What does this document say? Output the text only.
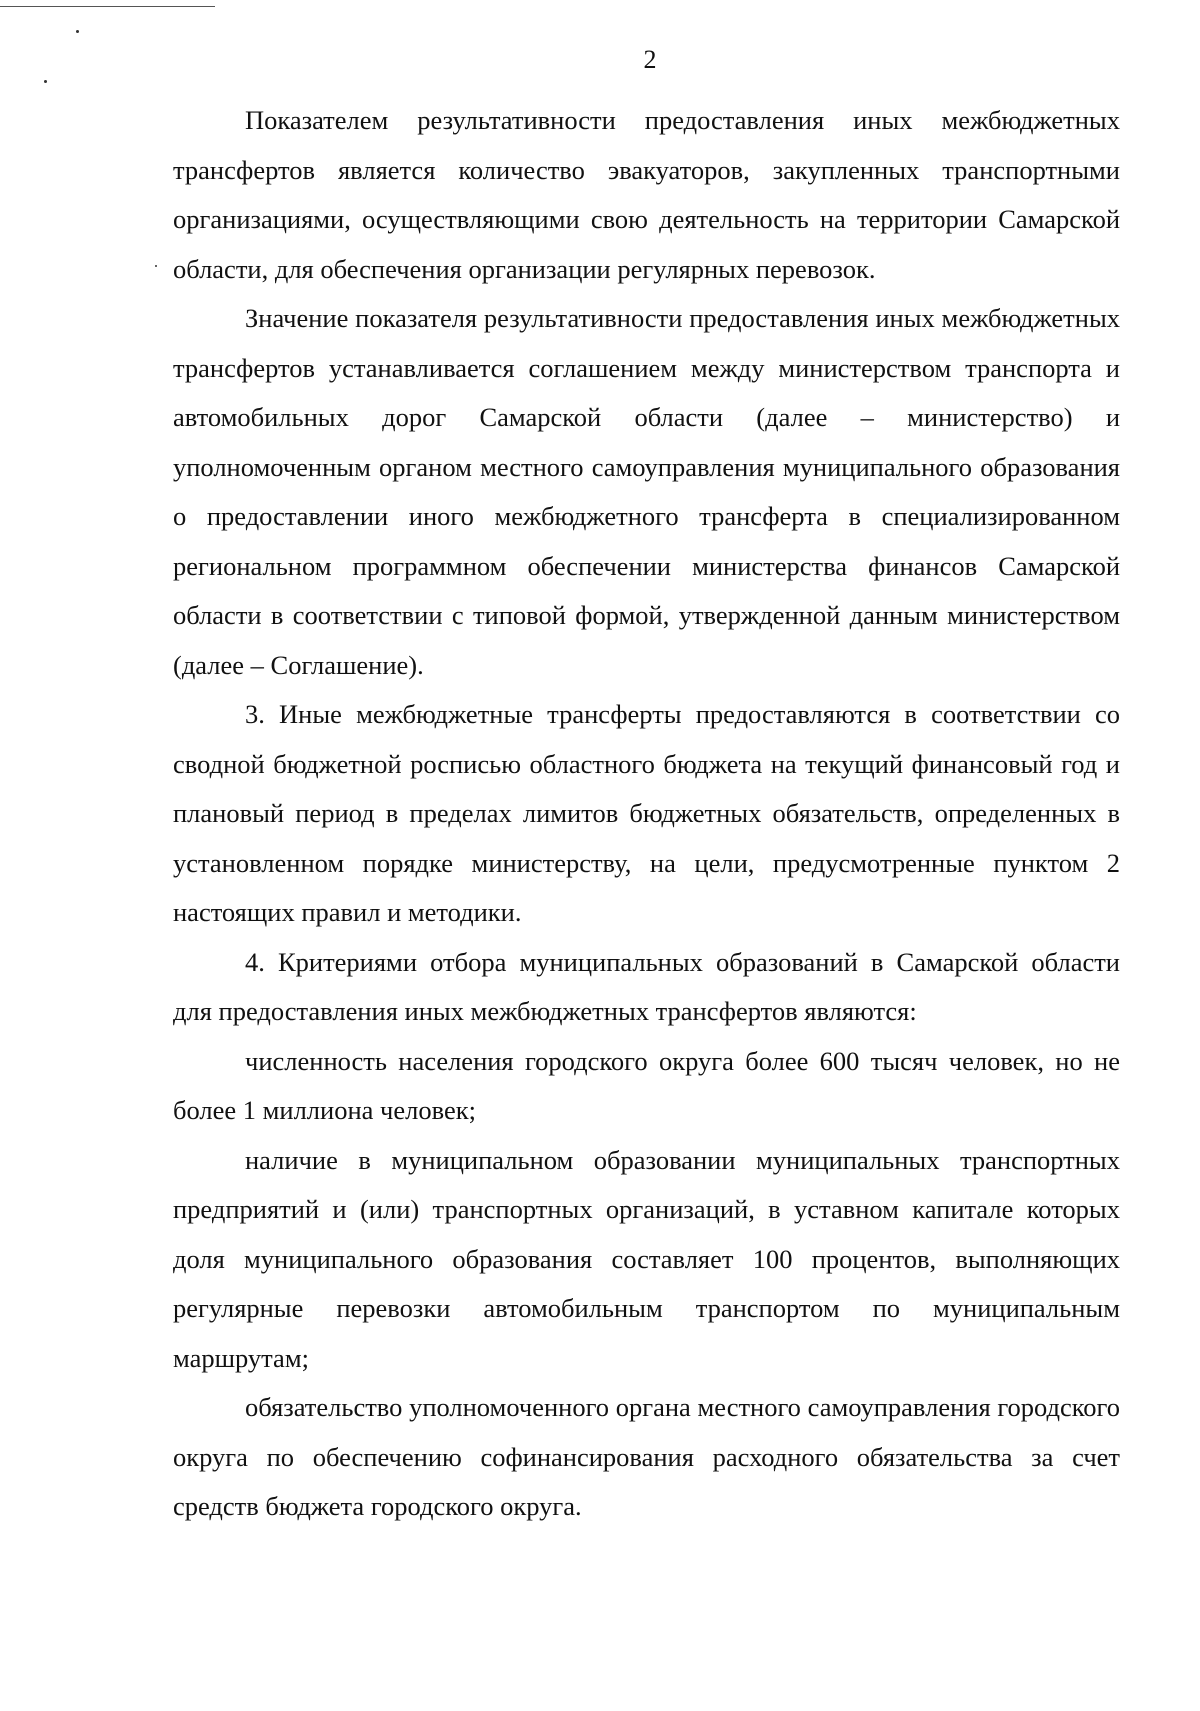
2

Показателем результативности предоставления иных межбюджетных трансфертов является количество эвакуаторов, закупленных транспортными организациями, осуществляющими свою деятельность на территории Самарской области, для обеспечения организации регулярных перевозок.

Значение показателя результативности предоставления иных межбюджетных трансфертов устанавливается соглашением между министерством транспорта и автомобильных дорог Самарской области (далее – министерство) и уполномоченным органом местного самоуправления муниципального образования о предоставлении иного межбюджетного трансферта в специализированном региональном программном обеспечении министерства финансов Самарской области в соответствии с типовой формой, утвержденной данным министерством (далее – Соглашение).

3. Иные межбюджетные трансферты предоставляются в соответствии со сводной бюджетной росписью областного бюджета на текущий финансовый год и плановый период в пределах лимитов бюджетных обязательств, определенных в установленном порядке министерству, на цели, предусмотренные пунктом 2 настоящих правил и методики.

4. Критериями отбора муниципальных образований в Самарской области для предоставления иных межбюджетных трансфертов являются:

численность населения городского округа более 600 тысяч человек, но не более 1 миллиона человек;

наличие в муниципальном образовании муниципальных транспортных предприятий и (или) транспортных организаций, в уставном капитале которых доля муниципального образования составляет 100 процентов, выполняющих регулярные перевозки автомобильным транспортом по муниципальным маршрутам;

обязательство уполномоченного органа местного самоуправления городского округа по обеспечению софинансирования расходного обязательства за счет средств бюджета городского округа.
